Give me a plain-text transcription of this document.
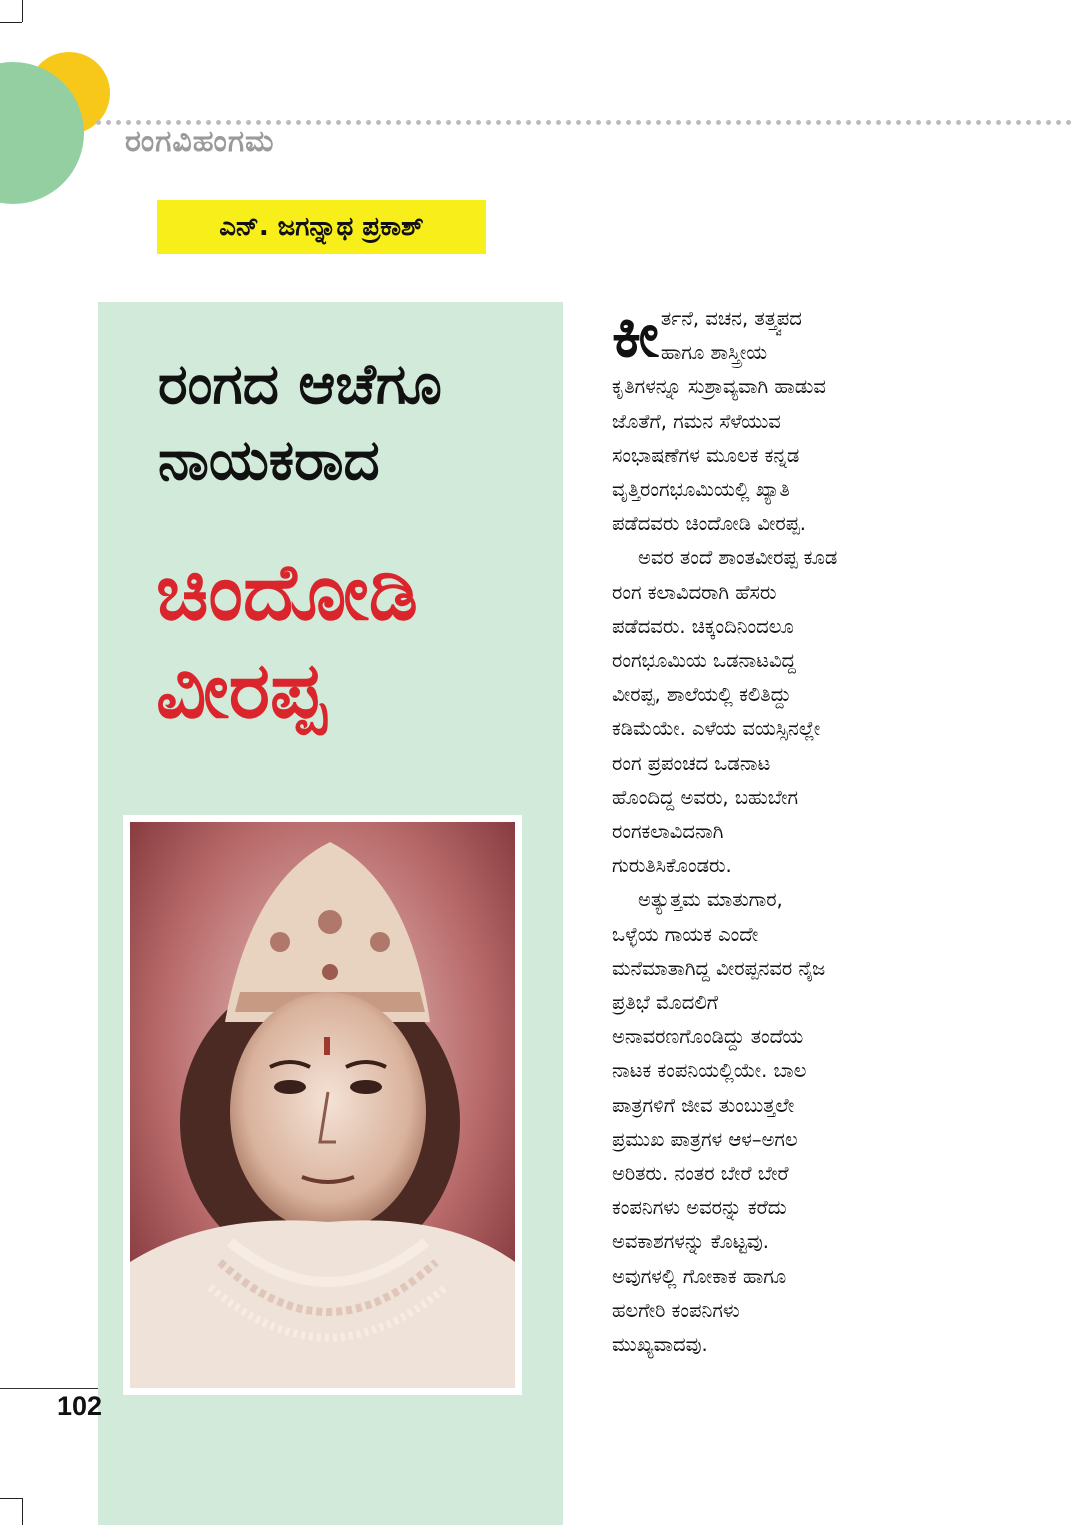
ರಂಗವಿಹಂಗಮ
ಎನ್. ಜಗನ್ನಾಥ ಪ್ರಕಾಶ್
ರಂಗದ ಆಚೆಗೂ
ನಾಯಕರಾದ
ಚಿಂದೋಡಿ
ವೀರಪ್ಪ
102
ಕೀ ರ್ತನೆ, ವಚನ, ತತ್ತ್ವಪದ
ಹಾಗೂ ಶಾಸ್ತ್ರೀಯ
ಕೃತಿಗಳನ್ನೂ ಸುಶ್ರಾವ್ಯವಾಗಿ ಹಾಡುವ
ಜೊತೆಗೆ, ಗಮನ ಸೆಳೆಯುವ
ಸಂಭಾಷಣೆಗಳ ಮೂಲಕ ಕನ್ನಡ
ವೃತ್ತಿರಂಗಭೂಮಿಯಲ್ಲಿ ಖ್ಯಾತಿ
ಪಡೆದವರು ಚಿಂದೋಡಿ ವೀರಪ್ಪ.
ಅವರ ತಂದೆ ಶಾಂತವೀರಪ್ಪ ಕೂಡ
ರಂಗ ಕಲಾವಿದರಾಗಿ ಹೆಸರು
ಪಡೆದವರು. ಚಿಕ್ಕಂದಿನಿಂದಲೂ
ರಂಗಭೂಮಿಯ ಒಡನಾಟವಿದ್ದ
ವೀರಪ್ಪ, ಶಾಲೆಯಲ್ಲಿ ಕಲಿತಿದ್ದು
ಕಡಿಮೆಯೇ. ಎಳೆಯ ವಯಸ್ಸಿನಲ್ಲೇ
ರಂಗ ಪ್ರಪಂಚದ ಒಡನಾಟ
ಹೊಂದಿದ್ದ ಅವರು, ಬಹುಬೇಗ
ರಂಗಕಲಾವಿದನಾಗಿ
ಗುರುತಿಸಿಕೊಂಡರು.
ಅತ್ಯುತ್ತಮ ಮಾತುಗಾರ,
ಒಳ್ಳೆಯ ಗಾಯಕ ಎಂದೇ
ಮನೆಮಾತಾಗಿದ್ದ ವೀರಪ್ಪನವರ ನೈಜ
ಪ್ರತಿಭೆ ಮೊದಲಿಗೆ
ಅನಾವರಣಗೊಂಡಿದ್ದು ತಂದೆಯ
ನಾಟಕ ಕಂಪನಿಯಲ್ಲಿಯೇ. ಬಾಲ
ಪಾತ್ರಗಳಿಗೆ ಜೀವ ತುಂಬುತ್ತಲೇ
ಪ್ರಮುಖ ಪಾತ್ರಗಳ ಆಳ–ಅಗಲ
ಅರಿತರು. ನಂತರ ಬೇರೆ ಬೇರೆ
ಕಂಪನಿಗಳು ಅವರನ್ನು ಕರೆದು
ಅವಕಾಶಗಳನ್ನು ಕೊಟ್ಟವು.
ಅವುಗಳಲ್ಲಿ ಗೋಕಾಕ ಹಾಗೂ
ಹಲಗೇರಿ ಕಂಪನಿಗಳು
ಮುಖ್ಯವಾದವು.
